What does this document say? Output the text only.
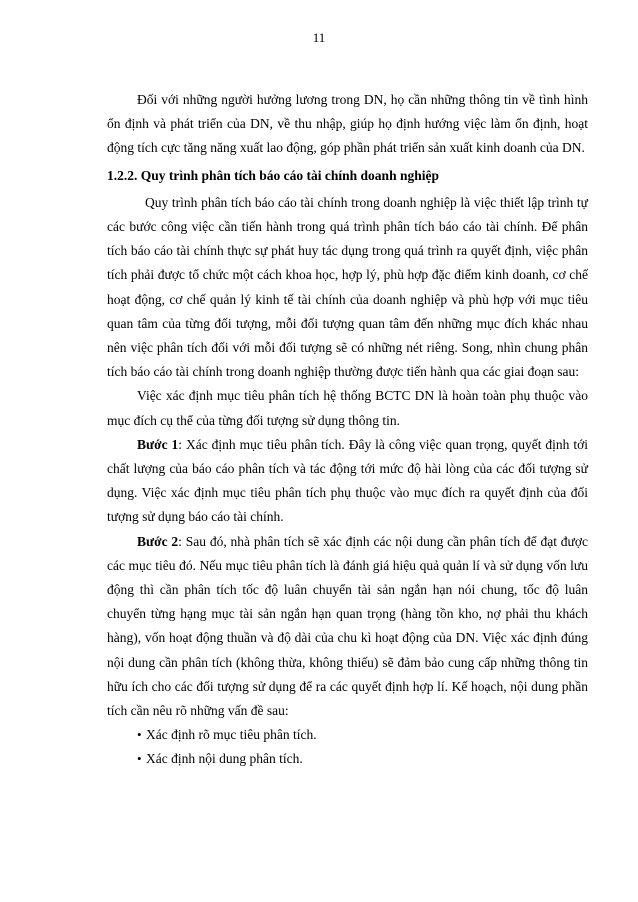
11

Đối với những người hưởng lương trong DN, họ cần những thông tin về tình hình ổn định và phát triển của DN, về thu nhập, giúp họ định hướng việc làm ổn định, hoạt động tích cực tăng năng xuất lao động, góp phần phát triển sản xuất kinh doanh của DN.

1.2.2. Quy trình phân tích báo cáo tài chính doanh nghiệp

Quy trình phân tích báo cáo tài chính trong doanh nghiệp là việc thiết lập trình tự các bước công việc cần tiến hành trong quá trình phân tích báo cáo tài chính. Để phân tích báo cáo tài chính thực sự phát huy tác dụng trong quá trình ra quyết định, việc phân tích phải được tổ chức một cách khoa học, hợp lý, phù hợp đặc điểm kinh doanh, cơ chế hoạt động, cơ chế quản lý kinh tế tài chính của doanh nghiệp và phù hợp với mục tiêu quan tâm của từng đối tượng, mỗi đối tượng quan tâm đến những mục đích khác nhau nên việc phân tích đối với mỗi đối tượng sẽ có những nét riêng. Song, nhìn chung phân tích báo cáo tài chính trong doanh nghiệp thường được tiến hành qua các giai đoạn sau:

Việc xác định mục tiêu phân tích hệ thống BCTC DN là hoàn toàn phụ thuộc vào mục đích cụ thể của từng đối tượng sử dụng thông tin.

Bước 1: Xác định mục tiêu phân tích. Đây là công việc quan trọng, quyết định tới chất lượng của báo cáo phân tích và tác động tới mức độ hài lòng của các đối tượng sử dụng. Việc xác định mục tiêu phân tích phụ thuộc vào mục đích ra quyết định của đối tượng sử dụng báo cáo tài chính.

Bước 2: Sau đó, nhà phân tích sẽ xác định các nội dung cần phân tích để đạt được các mục tiêu đó. Nếu mục tiêu phân tích là đánh giá hiệu quả quản lí và sử dụng vốn lưu động thì cần phân tích tốc độ luân chuyển tài sản ngắn hạn nói chung, tốc độ luân chuyển từng hạng mục tài sản ngắn hạn quan trọng (hàng tồn kho, nợ phải thu khách hàng), vốn hoạt động thuần và độ dài của chu kì hoạt động của DN. Việc xác định đúng nội dung cần phân tích (không thừa, không thiếu) sẽ đảm bảo cung cấp những thông tin hữu ích cho các đối tượng sử dụng để ra các quyết định hợp lí. Kế hoạch, nội dung phần tích cần nêu rõ những vấn đề sau:

• Xác định rõ mục tiêu phân tích.

• Xác định nội dung phân tích.
